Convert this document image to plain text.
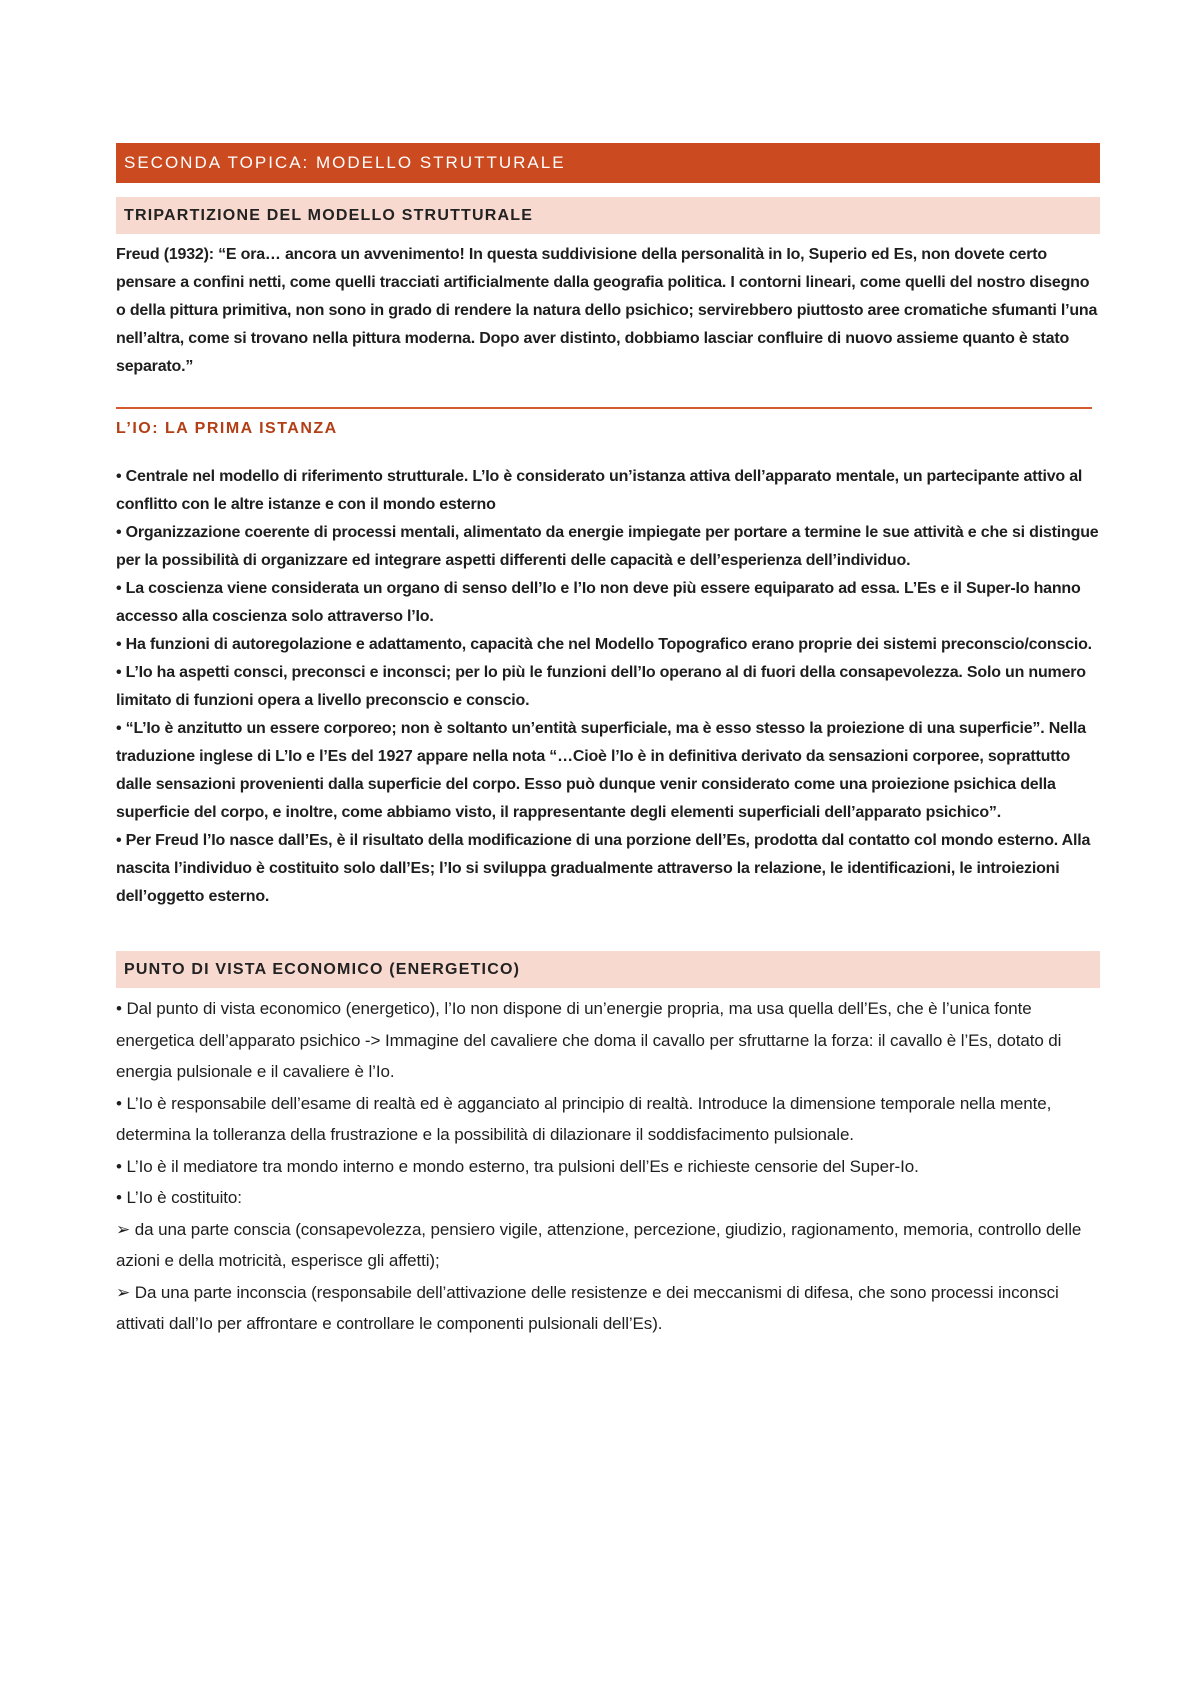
SECONDA TOPICA: MODELLO STRUTTURALE
TRIPARTIZIONE DEL MODELLO STRUTTURALE
Freud (1932): “E ora… ancora un avvenimento! In questa suddivisione della personalità in Io, Superio ed Es, non dovete certo pensare a confini netti, come quelli tracciati artificialmente dalla geografia politica. I contorni lineari, come quelli del nostro disegno o della pittura primitiva, non sono in grado di rendere la natura dello psichico; servirebbero piuttosto aree cromatiche sfumanti l’una nell’altra, come si trovano nella pittura moderna. Dopo aver distinto, dobbiamo lasciar confluire di nuovo assieme quanto è stato separato.”
L’IO: LA PRIMA ISTANZA
• Centrale nel modello di riferimento strutturale. L’Io è considerato un’istanza attiva dell’apparato mentale, un partecipante attivo al conflitto con le altre istanze e con il mondo esterno
• Organizzazione coerente di processi mentali, alimentato da energie impiegate per portare a termine le sue attività e che si distingue per la possibilità di organizzare ed integrare aspetti differenti delle capacità e dell’esperienza dell’individuo.
• La coscienza viene considerata un organo di senso dell’Io e l’Io non deve più essere equiparato ad essa. L’Es e il Super-Io hanno accesso alla coscienza solo attraverso l’Io.
• Ha funzioni di autoregolazione e adattamento, capacità che nel Modello Topografico erano proprie dei sistemi preconscio/conscio.
• L’Io ha aspetti consci, preconsci e inconsci; per lo più le funzioni dell’Io operano al di fuori della consapevolezza. Solo un numero limitato di funzioni opera a livello preconscio e conscio.
• “L’Io è anzitutto un essere corporeo; non è soltanto un’entità superficiale, ma è esso stesso la proiezione di una superficie”. Nella traduzione inglese di L’Io e l’Es del 1927 appare nella nota “…Cioè l’Io è in definitiva derivato da sensazioni corporee, soprattutto dalle sensazioni provenienti dalla superficie del corpo. Esso può dunque venir considerato come una proiezione psichica della superficie del corpo, e inoltre, come abbiamo visto, il rappresentante degli elementi superficiali dell’apparato psichico”.
• Per Freud l’Io nasce dall’Es, è il risultato della modificazione di una porzione dell’Es, prodotta dal contatto col mondo esterno. Alla nascita l’individuo è costituito solo dall’Es; l’Io si sviluppa gradualmente attraverso la relazione, le identificazioni, le introiezioni dell’oggetto esterno.
PUNTO DI VISTA ECONOMICO (ENERGETICO)
• Dal punto di vista economico (energetico), l’Io non dispone di un’energie propria, ma usa quella dell’Es, che è l’unica fonte energetica dell’apparato psichico -> Immagine del cavaliere che doma il cavallo per sfruttarne la forza: il cavallo è l’Es, dotato di energia pulsionale e il cavaliere è l’Io.
• L’Io è responsabile dell’esame di realtà ed è agganciato al principio di realtà. Introduce la dimensione temporale nella mente, determina la tolleranza della frustrazione e la possibilità di dilazionare il soddisfacimento pulsionale.
• L’Io è il mediatore tra mondo interno e mondo esterno, tra pulsioni dell’Es e richieste censorie del Super-Io.
• L’Io è costituito:
➢ da una parte conscia (consapevolezza, pensiero vigile, attenzione, percezione, giudizio, ragionamento, memoria, controllo delle azioni e della motricità, esperisce gli affetti);
➢ Da una parte inconscia (responsabile dell’attivazione delle resistenze e dei meccanismi di difesa, che sono processi inconsci attivati dall’Io per affrontare e controllare le componenti pulsionali dell’Es).
